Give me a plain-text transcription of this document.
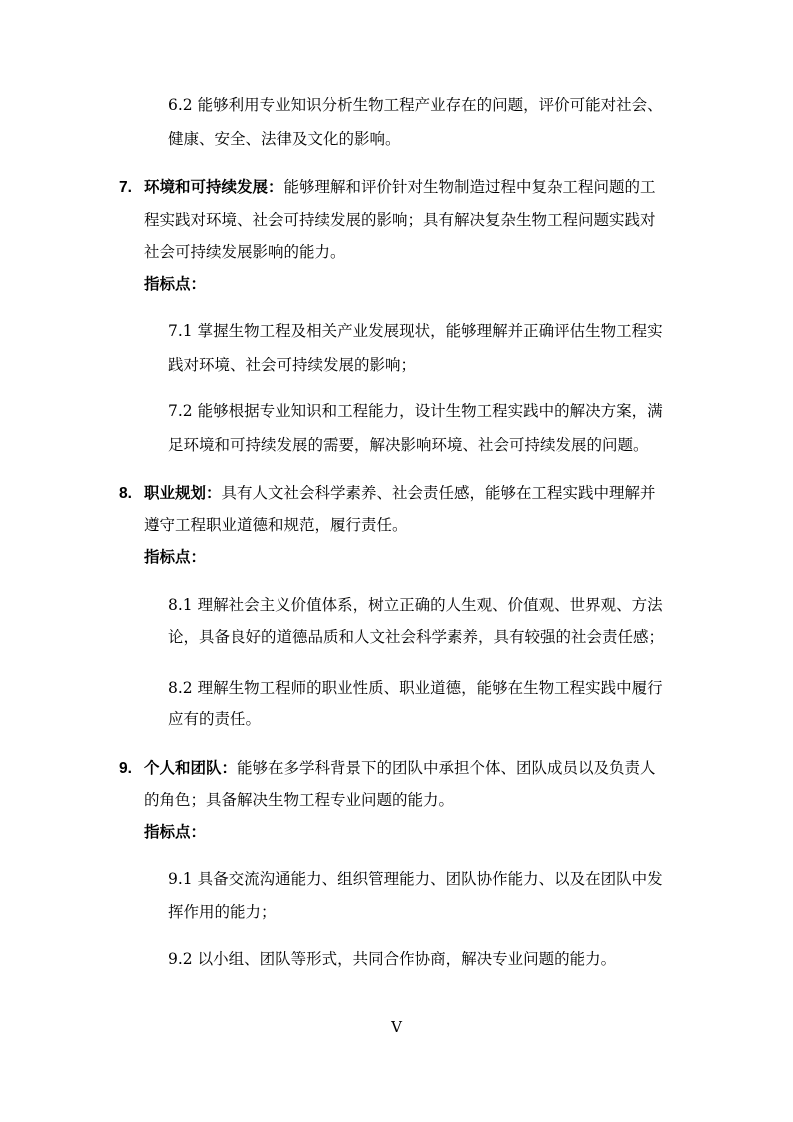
6.2 能够利用专业知识分析生物工程产业存在的问题，评价可能对社会、

健康、安全、法律及文化的影响。

7. 环境和可持续发展：能够理解和评价针对生物制造过程中复杂工程问题的工

程实践对环境、社会可持续发展的影响；具有解决复杂生物工程问题实践对

社会可持续发展影响的能力。

指标点：

7.1 掌握生物工程及相关产业发展现状，能够理解并正确评估生物工程实

践对环境、社会可持续发展的影响；

7.2 能够根据专业知识和工程能力，设计生物工程实践中的解决方案，满

足环境和可持续发展的需要，解决影响环境、社会可持续发展的问题。

8. 职业规划：具有人文社会科学素养、社会责任感，能够在工程实践中理解并

遵守工程职业道德和规范，履行责任。

指标点：

8.1 理解社会主义价值体系，树立正确的人生观、价值观、世界观、方法

论，具备良好的道德品质和人文社会科学素养，具有较强的社会责任感；

8.2 理解生物工程师的职业性质、职业道德，能够在生物工程实践中履行

应有的责任。

9. 个人和团队：能够在多学科背景下的团队中承担个体、团队成员以及负责人

的角色；具备解决生物工程专业问题的能力。

指标点：

9.1 具备交流沟通能力、组织管理能力、团队协作能力、以及在团队中发

挥作用的能力；

9.2 以小组、团队等形式，共同合作协商，解决专业问题的能力。

V
